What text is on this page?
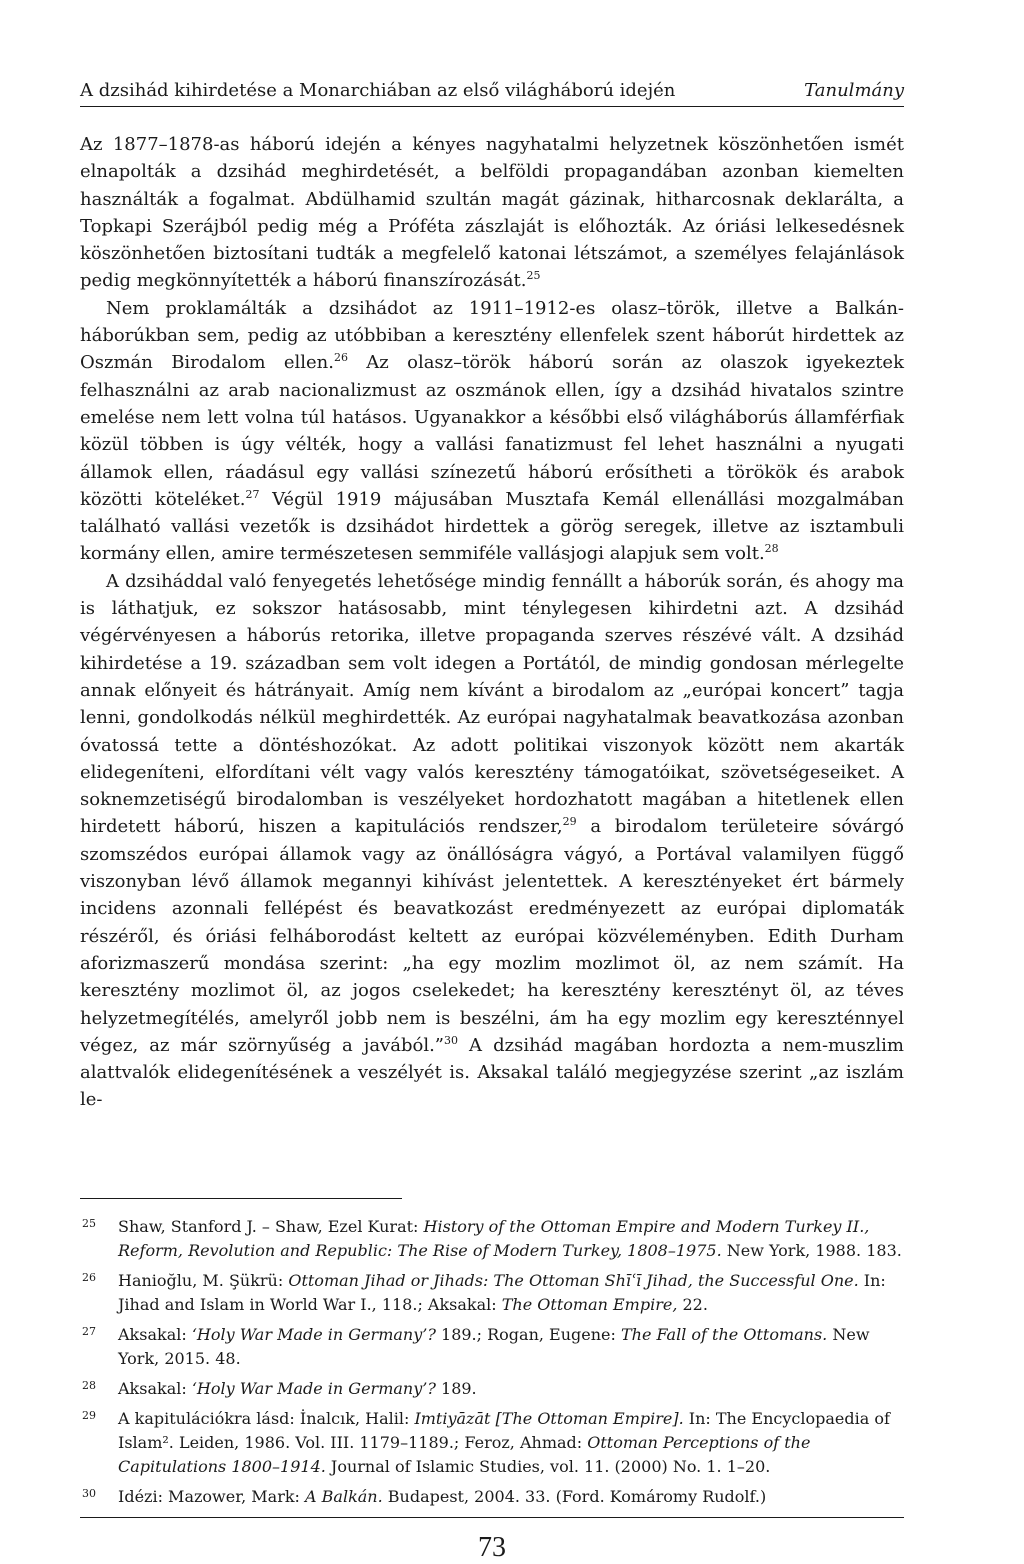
A dzsihád kihirdetése a Monarchiában az első világháború idején	Tanulmány

Az 1877–1878-as háború idején a kényes nagyhatalmi helyzetnek köszönhetően ismét elnapolták a dzsihád meghirdetését, a belföldi propagandában azonban kiemelten használták a fogalmat. Abdülhamid szultán magát gázinak, hitharcosnak deklarálta, a Topkapi Szerájból pedig még a Próféta zászlaját is előhozták. Az óriási lelkesedésnek köszönhetően biztosítani tudták a megfelelő katonai létszámot, a személyes felajánlások pedig megkönnyítették a háború finanszírozását.$^{25}$

Nem proklamálták a dzsihádot az 1911–1912-es olasz–török, illetve a Balkán-háborúkban sem, pedig az utóbbiban a keresztény ellenfelek szent háborút hirdettek az Oszmán Birodalom ellen.$^{26}$ Az olasz–török háború során az olaszok igyekeztek felhasználni az arab nacionalizmust az oszmánok ellen, így a dzsihád hivatalos szintre emelése nem lett volna túl hatásos. Ugyanakkor a későbbi első világháborús államférfiak közül többen is úgy vélték, hogy a vallási fanatizmust fel lehet használni a nyugati államok ellen, ráadásul egy vallási színezetű háború erősítheti a törökök és arabok közötti köteléket.$^{27}$ Végül 1919 májusában Musztafa Kemál ellenállási mozgalmában található vallási vezetők is dzsihádot hirdettek a görög seregek, illetve az isztambuli kormány ellen, amire természetesen semmiféle vallásjogi alapjuk sem volt.$^{28}$

A dzsiháddal való fenyegetés lehetősége mindig fennállt a háborúk során, és ahogy ma is láthatjuk, ez sokszor hatásosabb, mint ténylegesen kihirdetni azt. A dzsihád végérvényesen a háborús retorika, illetve propaganda szerves részévé vált. A dzsihád kihirdetése a 19. században sem volt idegen a Portától, de mindig gondosan mérlegelte annak előnyeit és hátrányait. Amíg nem kívánt a birodalom az „európai koncert” tagja lenni, gondolkodás nélkül meghirdették. Az európai nagyhatalmak beavatkozása azonban óvatossá tette a döntéshozókat. Az adott politikai viszonyok között nem akarták elidegeníteni, elfordítani vélt vagy valós keresztény támogatóikat, szövetségeseiket. A soknemzetiségű birodalomban is veszélyeket hordozhatott magában a hitetlenek ellen hirdetett háború, hiszen a kapitulációs rendszer,$^{29}$ a birodalom területeire sóvárgó szomszédos európai államok vagy az önállóságra vágyó, a Portával valamilyen függő viszonyban lévő államok megannyi kihívást jelentettek. A keresztényeket ért bármely incidens azonnali fellépést és beavatkozást eredményezett az európai diplomaták részéről, és óriási felháborodást keltett az európai közvéleményben. Edith Durham aforizmaszerű mondása szerint: „ha egy mozlim mozlimot öl, az nem számít. Ha keresztény mozlimot öl, az jogos cselekedet; ha keresztény keresztényt öl, az téves helyzetmegítélés, amelyről jobb nem is beszélni, ám ha egy mozlim egy kereszténnyel végez, az már szörnyűség a javából.”$^{30}$ A dzsihád magában hordozta a nem-muszlim alattvalók elidegenítésének a veszélyét is. Aksakal találó megjegyzése szerint „az iszlám le-

25	Shaw, Stanford J. – Shaw, Ezel Kurat: History of the Ottoman Empire and Modern Turkey II., Reform, Revolution and Republic: The Rise of Modern Turkey, 1808–1975. New York, 1988. 183.
26	Hanioğlu, M. Şükrü: Ottoman Jihad or Jihads: The Ottoman Shīʿī Jihad, the Successful One. In: Jihad and Islam in World War I., 118.; Aksakal: The Ottoman Empire, 22.
27	Aksakal: ‘Holy War Made in Germany’? 189.; Rogan, Eugene: The Fall of the Ottomans. New York, 2015. 48.
28	Aksakal: ‘Holy War Made in Germany’? 189.
29	A kapitulációkra lásd: İnalcık, Halil: Imtiyāzāt [The Ottoman Empire]. In: The Encyclopaedia of Islam². Leiden, 1986. Vol. III. 1179–1189.; Feroz, Ahmad: Ottoman Perceptions of the Capitulations 1800–1914. Journal of Islamic Studies, vol. 11. (2000) No. 1. 1–20.
30	Idézi: Mazower, Mark: A Balkán. Budapest, 2004. 33. (Ford. Komáromy Rudolf.)
73
